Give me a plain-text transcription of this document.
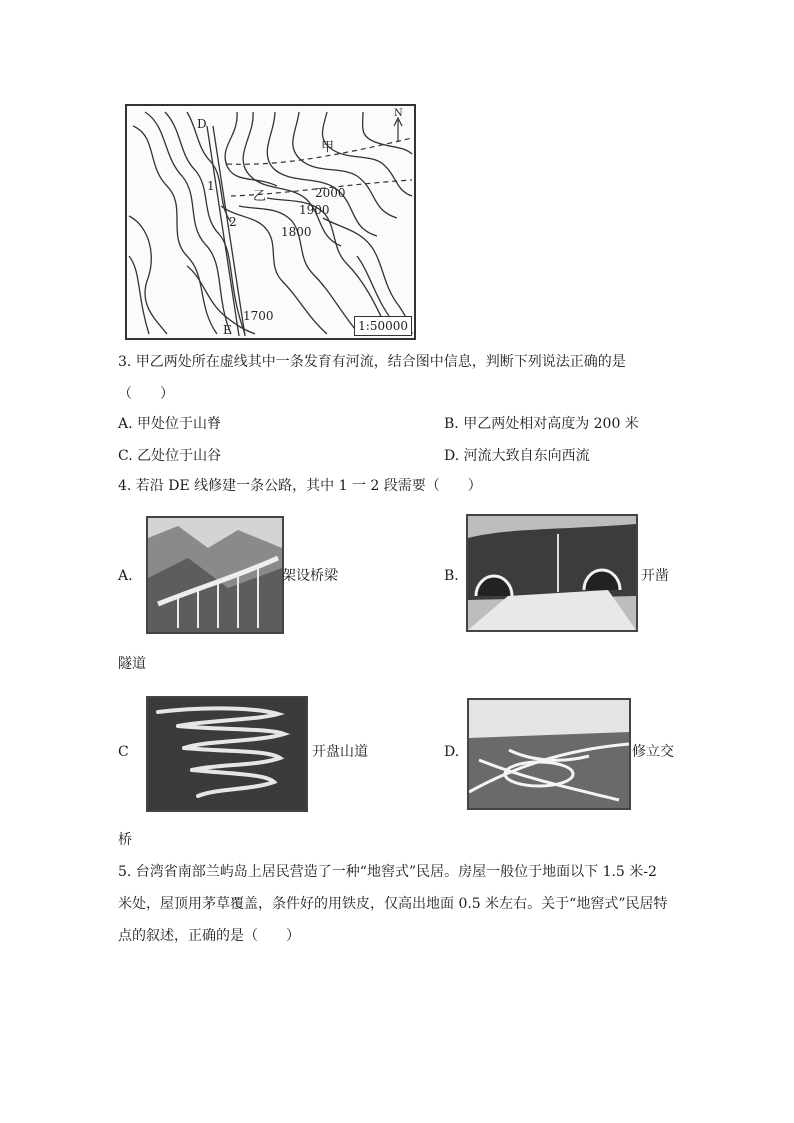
N
D
E
1
2
甲
乙	2000
1900
1800
1700
1:50000
3. 甲乙两处所在虚线其中一条发育有河流，结合图中信息，判断下列说法正确的是
（　　）
A. 甲处位于山脊	B. 甲乙两处相对高度为 200 米
C. 乙处位于山谷	D. 河流大致自东向西流
4. 若沿 DE 线修建一条公路，其中 1 一 2 段需要（　　）
A.	架设桥梁	B.	开凿
隧道
C	开盘山道	D.	修立交
桥
5. 台湾省南部兰屿岛上居民营造了一种“地窖式”民居。房屋一般位于地面以下 1.5 米-2
米处，屋顶用茅草覆盖，条件好的用铁皮，仅高出地面 0.5 米左右。关于“地窖式”民居特
点的叙述，正确的是（　　）
